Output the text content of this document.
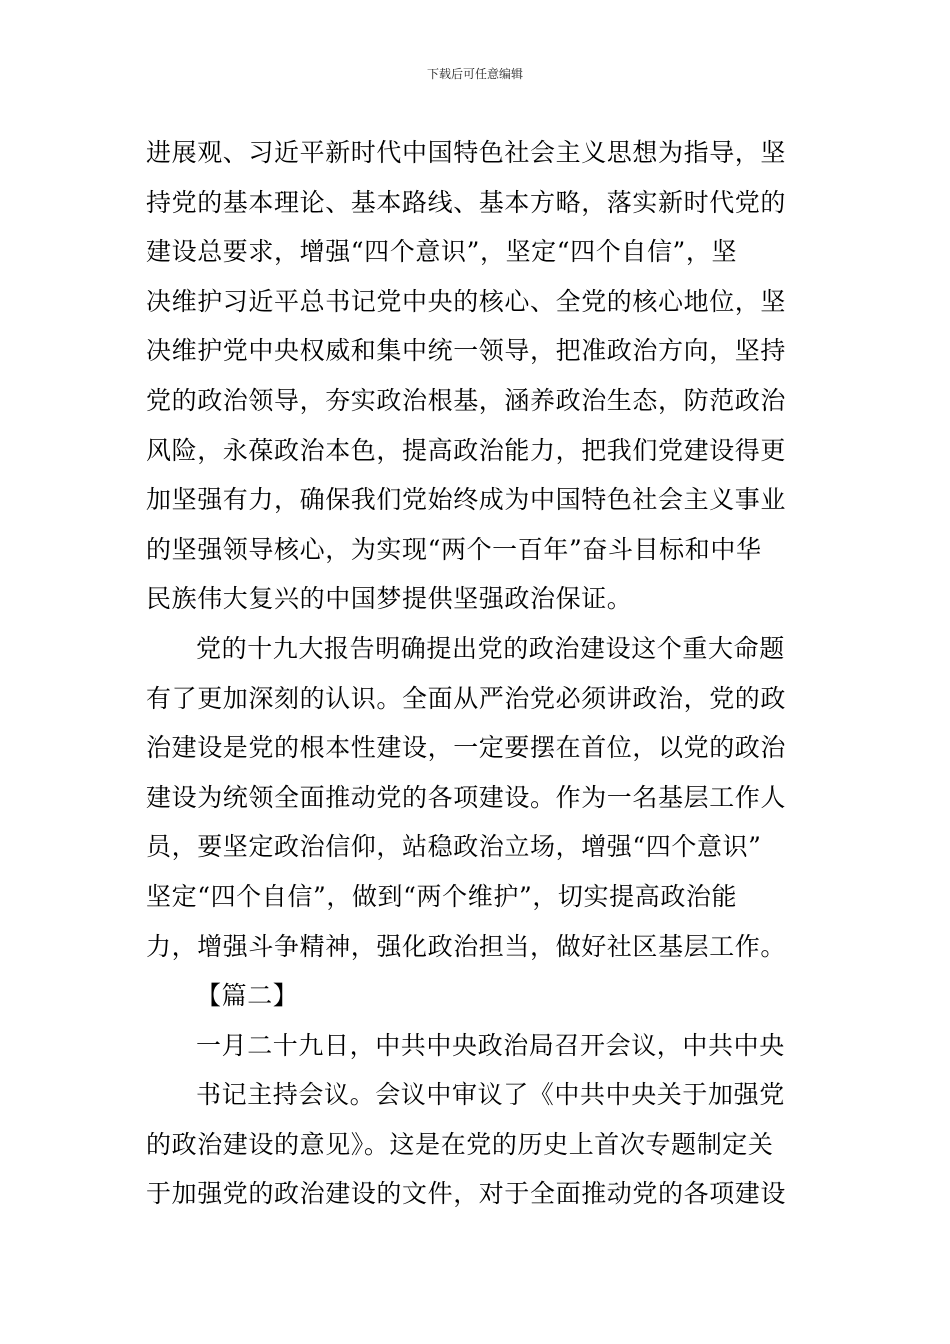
下载后可任意编辑
进展观、习近平新时代中国特色社会主义思想为指导，坚
持党的基本理论、基本路线、基本方略，落实新时代党的
建设总要求，增强“四个意识”，坚定“四个自信”，坚
决维护习近平总书记党中央的核心、全党的核心地位，坚
决维护党中央权威和集中统一领导，把准政治方向，坚持
党的政治领导，夯实政治根基，涵养政治生态，防范政治
风险，永葆政治本色，提高政治能力，把我们党建设得更
加坚强有力，确保我们党始终成为中国特色社会主义事业
的坚强领导核心，为实现“两个一百年”奋斗目标和中华
民族伟大复兴的中国梦提供坚强政治保证。
党的十九大报告明确提出党的政治建设这个重大命题
有了更加深刻的认识。全面从严治党必须讲政治，党的政
治建设是党的根本性建设，一定要摆在首位，以党的政治
建设为统领全面推动党的各项建设。作为一名基层工作人
员，要坚定政治信仰，站稳政治立场，增强“四个意识”
坚定“四个自信”，做到“两个维护”，切实提高政治能
力，增强斗争精神，强化政治担当，做好社区基层工作。
【篇二】
一月二十九日，中共中央政治局召开会议，中共中央
书记主持会议。会议中审议了《中共中央关于加强党
的政治建设的意见》。这是在党的历史上首次专题制定关
于加强党的政治建设的文件，对于全面推动党的各项建设
